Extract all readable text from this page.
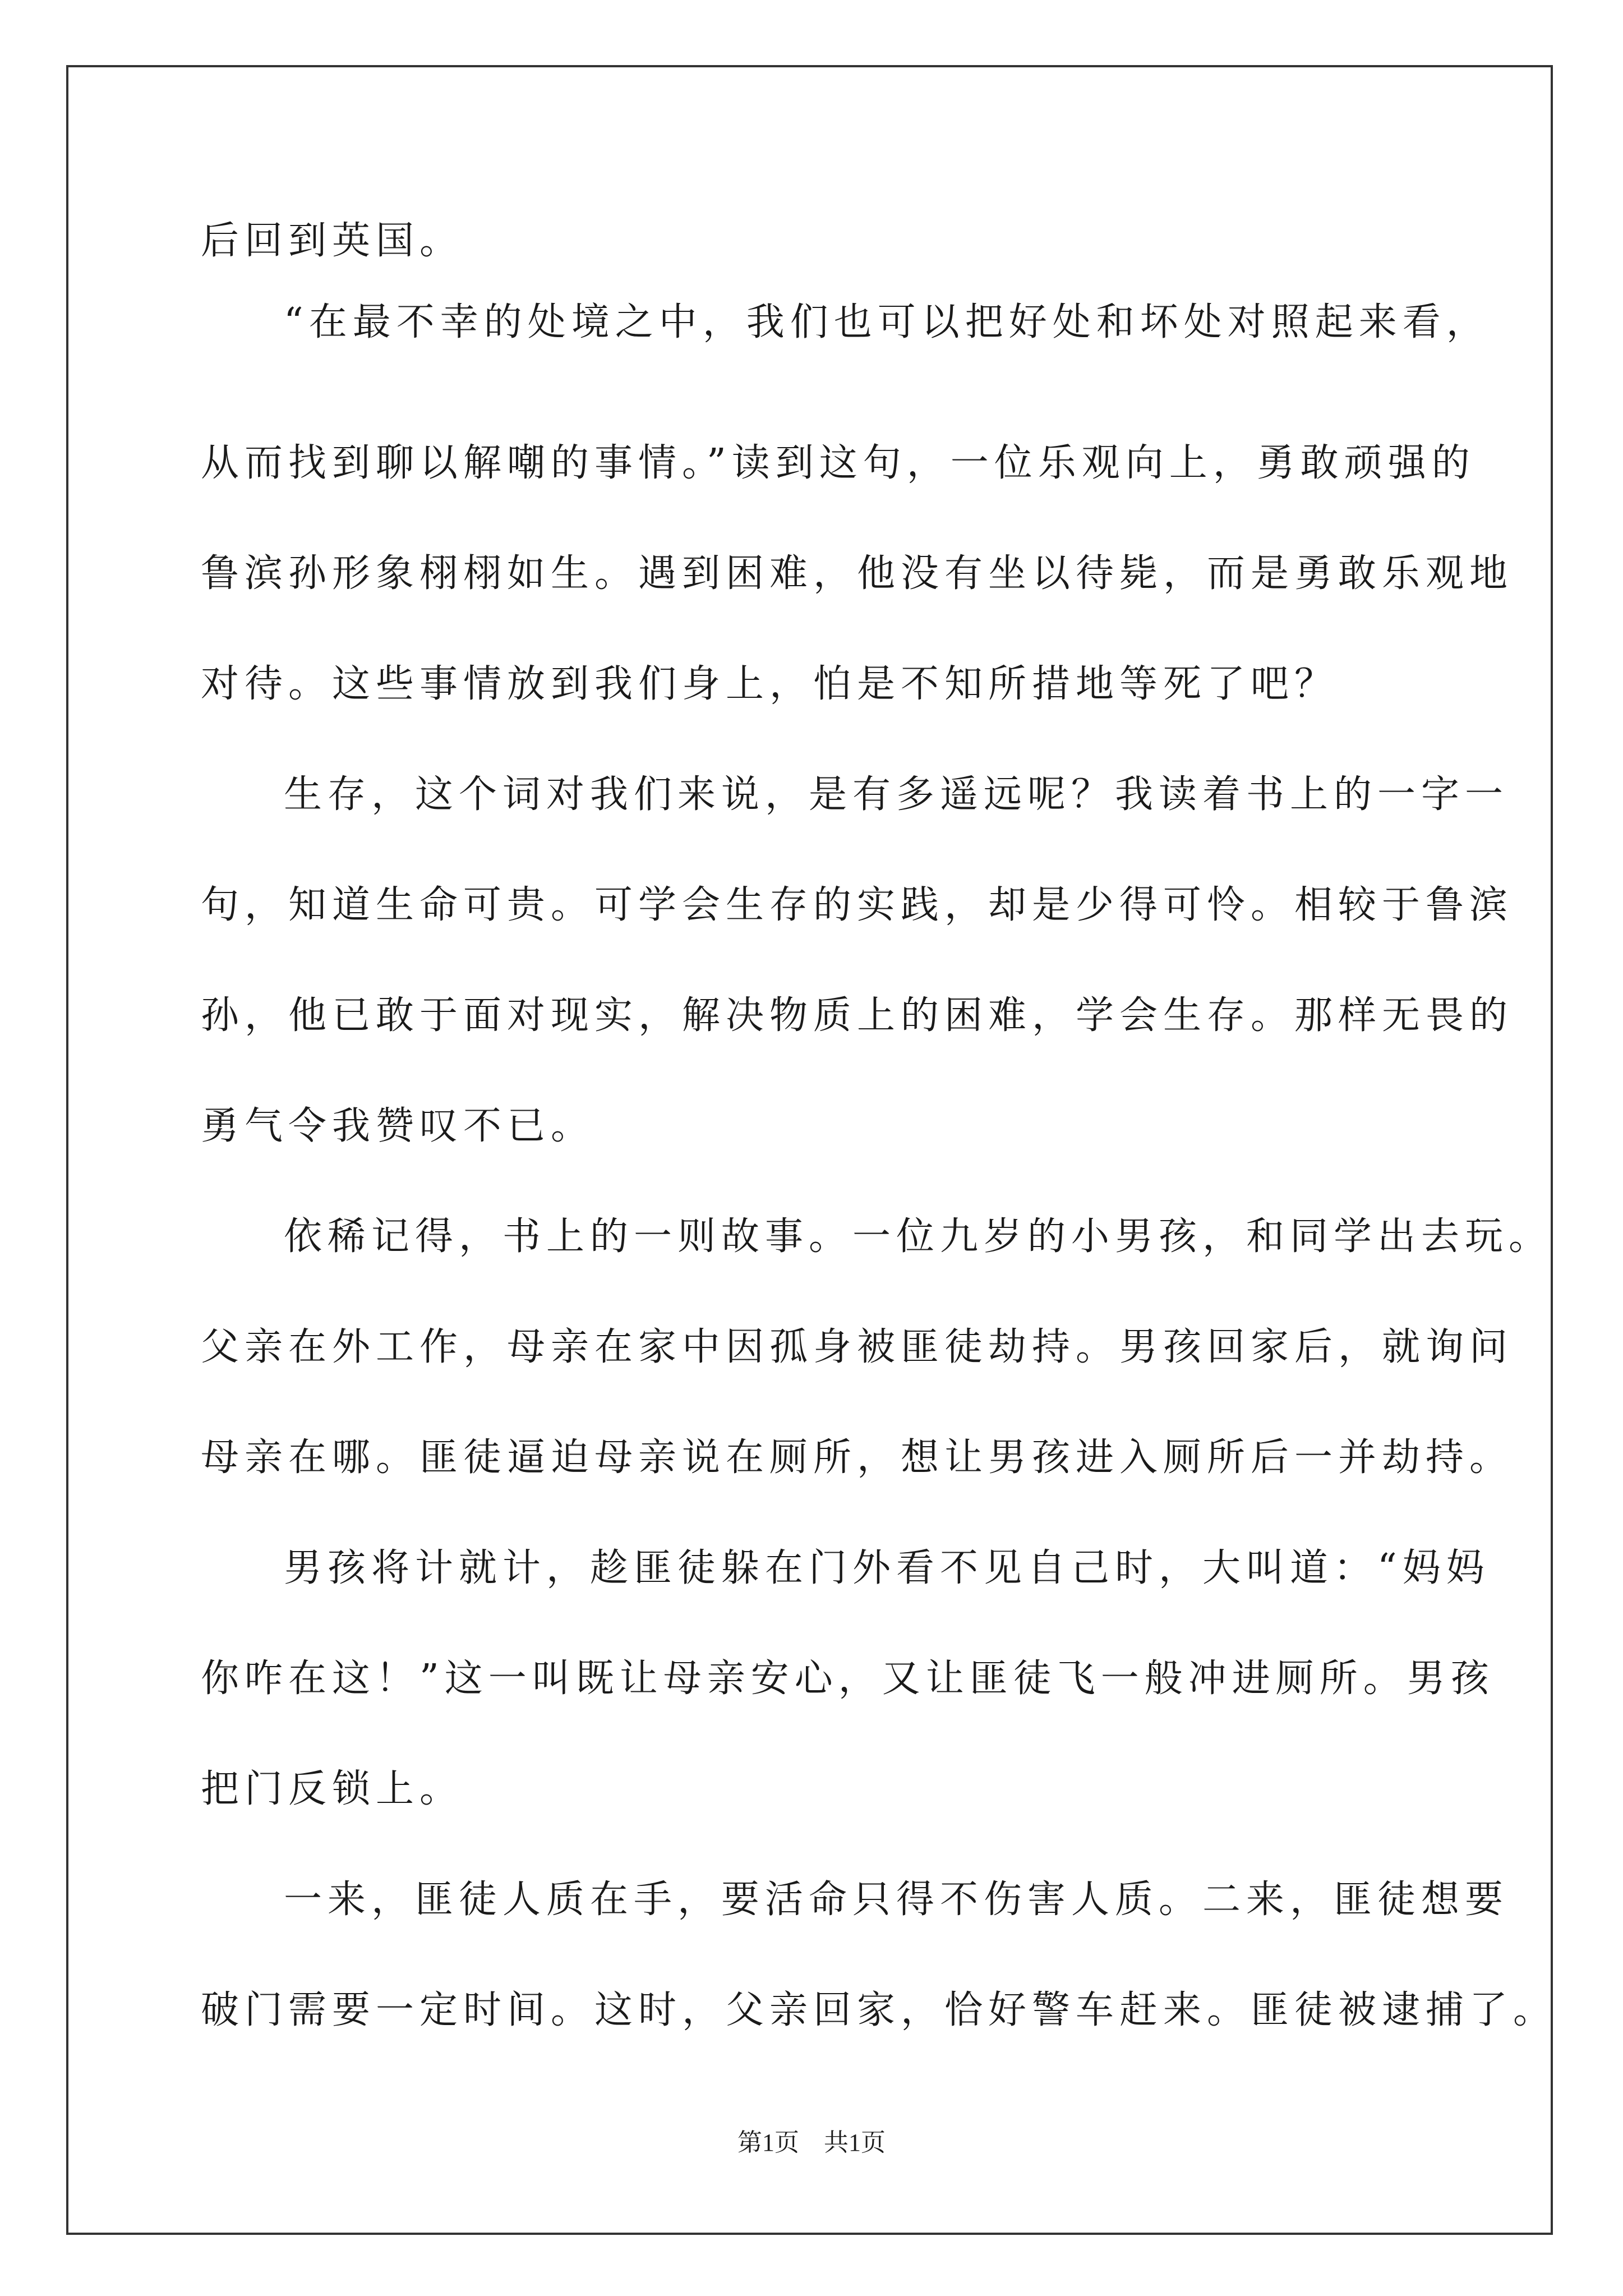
后回到英国。
“在最不幸的处境之中，我们也可以把好处和坏处对照起来看，
从而找到聊以解嘲的事情。”读到这句，一位乐观向上，勇敢顽强的
鲁滨孙形象栩栩如生。遇到困难，他没有坐以待毙，而是勇敢乐观地
对待。这些事情放到我们身上，怕是不知所措地等死了吧？
生存，这个词对我们来说，是有多遥远呢？我读着书上的一字一
句，知道生命可贵。可学会生存的实践，却是少得可怜。相较于鲁滨
孙，他已敢于面对现实，解决物质上的困难，学会生存。那样无畏的
勇气令我赞叹不已。
依稀记得，书上的一则故事。一位九岁的小男孩，和同学出去玩。
父亲在外工作，母亲在家中因孤身被匪徒劫持。男孩回家后，就询问
母亲在哪。匪徒逼迫母亲说在厕所，想让男孩进入厕所后一并劫持。
男孩将计就计，趁匪徒躲在门外看不见自己时，大叫道：“妈妈
你咋在这！”这一叫既让母亲安心，又让匪徒飞一般冲进厕所。男孩
把门反锁上。
一来，匪徒人质在手，要活命只得不伤害人质。二来，匪徒想要
破门需要一定时间。这时，父亲回家，恰好警车赶来。匪徒被逮捕了。
第1页　共1页
